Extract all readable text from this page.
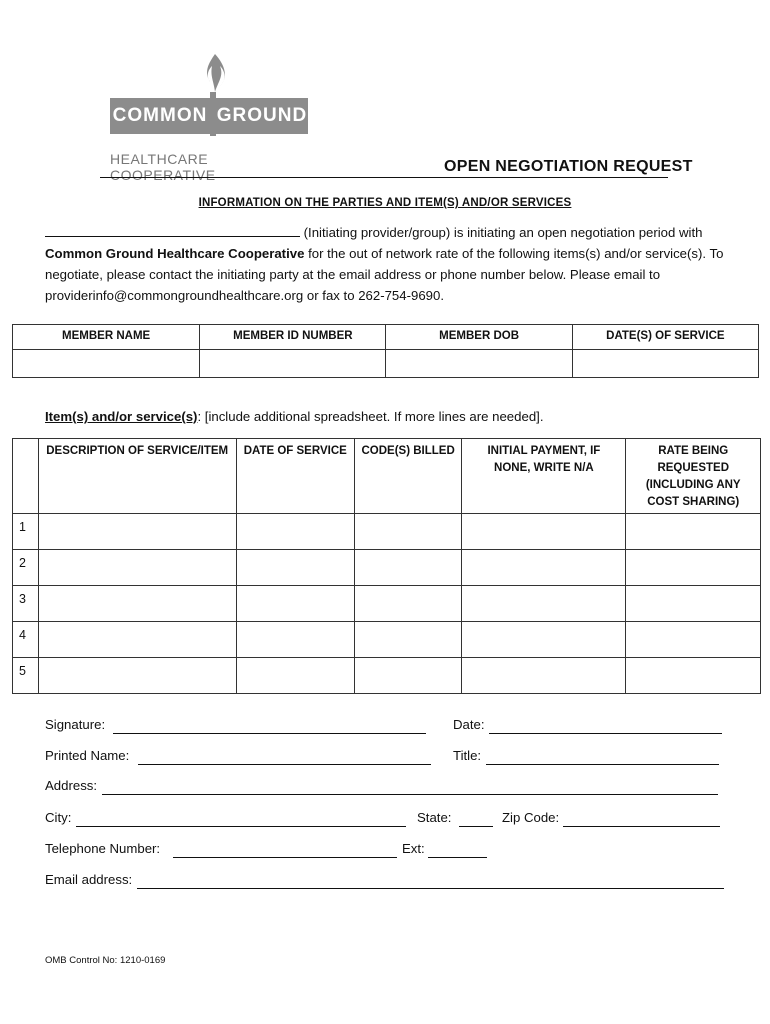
COMMON GROUND
HEALTHCARE COOPERATIVE	OPEN NEGOTIATION REQUEST
INFORMATION ON THE PARTIES AND ITEM(S) AND/OR SERVICES
(Initiating provider/group) is initiating an open negotiation period with Common Ground Healthcare Cooperative for the out of network rate of the following items(s) and/or service(s). To negotiate, please contact the initiating party at the email address or phone number below. Please email to providerinfo@commongroundhealthcare.org or fax to 262-754-9690.
MEMBER NAME	MEMBER ID NUMBER	MEMBER DOB	DATE(S) OF SERVICE

Item(s) and/or service(s): [include additional spreadsheet. If more lines are needed].
	DESCRIPTION OF SERVICE/ITEM	DATE OF SERVICE	CODE(S) BILLED	INITIAL PAYMENT, IF NONE, WRITE N/A	RATE BEING REQUESTED (INCLUDING ANY COST SHARING)
1					
2					
3					
4					
5					
Signature:	Date:
Printed Name:	Title:
Address:
City:	State:	Zip Code:
Telephone Number:	Ext:
Email address:
OMB Control No: 1210-0169
